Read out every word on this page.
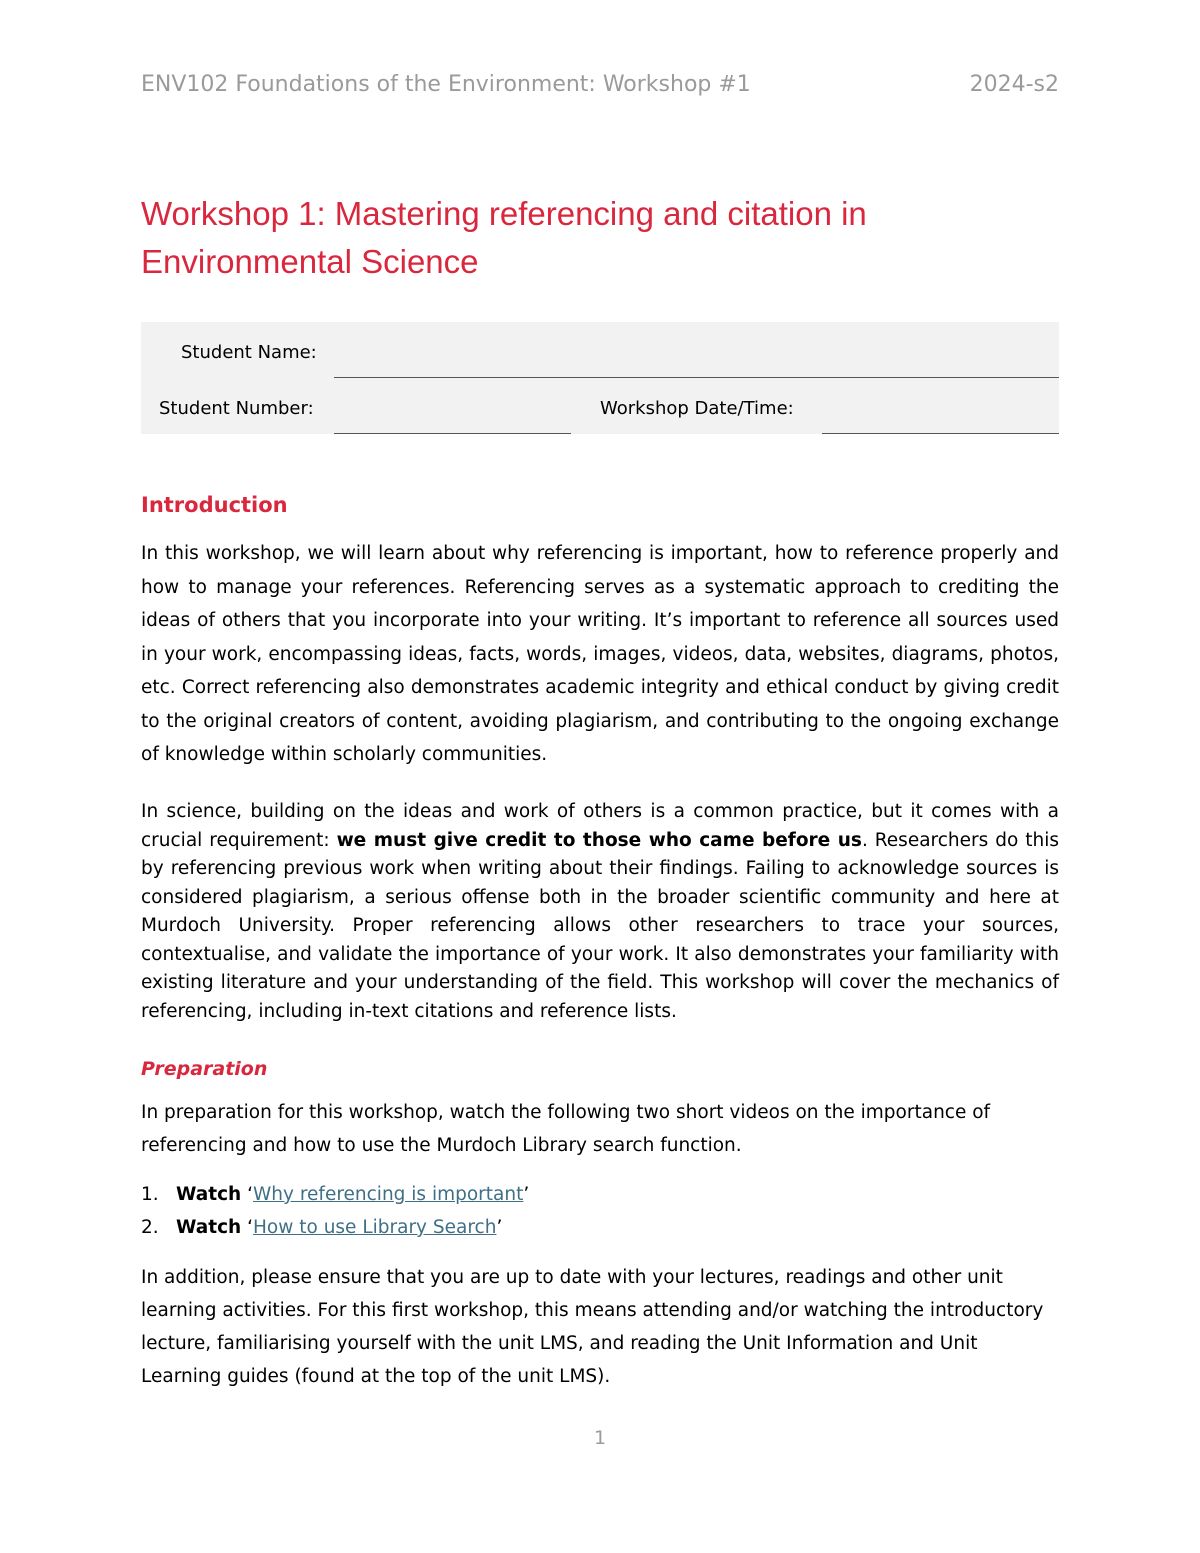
ENV102 Foundations of the Environment: Workshop #1	2024-s2
Workshop 1: Mastering referencing and citation in Environmental Science
Student Name:
Student Number:	Workshop Date/Time:
Introduction

In this workshop, we will learn about why referencing is important, how to reference properly and how to manage your references. Referencing serves as a systematic approach to crediting the ideas of others that you incorporate into your writing. It’s important to reference all sources used in your work, encompassing ideas, facts, words, images, videos, data, websites, diagrams, photos, etc. Correct referencing also demonstrates academic integrity and ethical conduct by giving credit to the original creators of content, avoiding plagiarism, and contributing to the ongoing exchange of knowledge within scholarly communities.

In science, building on the ideas and work of others is a common practice, but it comes with a crucial requirement: we must give credit to those who came before us. Researchers do this by referencing previous work when writing about their findings. Failing to acknowledge sources is considered plagiarism, a serious offense both in the broader scientific community and here at Murdoch University. Proper referencing allows other researchers to trace your sources, contextualise, and validate the importance of your work. It also demonstrates your familiarity with existing literature and your understanding of the field. This workshop will cover the mechanics of referencing, including in-text citations and reference lists.

Preparation

In preparation for this workshop, watch the following two short videos on the importance of referencing and how to use the Murdoch Library search function.

1. Watch ‘Why referencing is important’
2. Watch ‘How to use Library Search’

In addition, please ensure that you are up to date with your lectures, readings and other unit learning activities. For this first workshop, this means attending and/or watching the introductory lecture, familiarising yourself with the unit LMS, and reading the Unit Information and Unit Learning guides (found at the top of the unit LMS).

1
